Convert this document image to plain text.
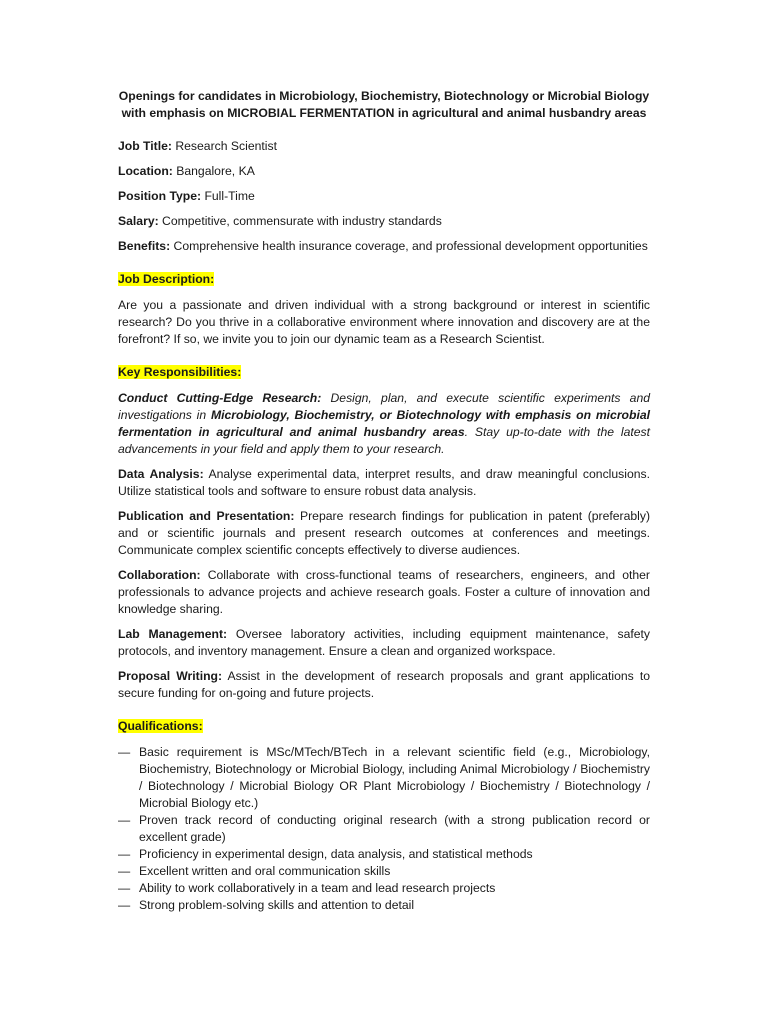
Openings for candidates in Microbiology, Biochemistry, Biotechnology or Microbial Biology
with emphasis on MICROBIAL FERMENTATION in agricultural and animal husbandry areas

Job Title: Research Scientist

Location: Bangalore, KA

Position Type: Full-Time

Salary: Competitive, commensurate with industry standards

Benefits: Comprehensive health insurance coverage, and professional development opportunities

Job Description:

Are you a passionate and driven individual with a strong background or interest in scientific research? Do you thrive in a collaborative environment where innovation and discovery are at the forefront? If so, we invite you to join our dynamic team as a Research Scientist.

Key Responsibilities:

Conduct Cutting-Edge Research: Design, plan, and execute scientific experiments and investigations in Microbiology, Biochemistry, or Biotechnology with emphasis on microbial fermentation in agricultural and animal husbandry areas. Stay up-to-date with the latest advancements in your field and apply them to your research.

Data Analysis: Analyse experimental data, interpret results, and draw meaningful conclusions. Utilize statistical tools and software to ensure robust data analysis.

Publication and Presentation: Prepare research findings for publication in patent (preferably) and or scientific journals and present research outcomes at conferences and meetings. Communicate complex scientific concepts effectively to diverse audiences.

Collaboration: Collaborate with cross-functional teams of researchers, engineers, and other professionals to advance projects and achieve research goals. Foster a culture of innovation and knowledge sharing.

Lab Management: Oversee laboratory activities, including equipment maintenance, safety protocols, and inventory management. Ensure a clean and organized workspace.

Proposal Writing: Assist in the development of research proposals and grant applications to secure funding for on-going and future projects.

Qualifications:

— Basic requirement is MSc/MTech/BTech in a relevant scientific field (e.g., Microbiology, Biochemistry, Biotechnology or Microbial Biology, including Animal Microbiology / Biochemistry / Biotechnology / Microbial Biology OR Plant Microbiology / Biochemistry / Biotechnology / Microbial Biology etc.)
— Proven track record of conducting original research (with a strong publication record or excellent grade)
— Proficiency in experimental design, data analysis, and statistical methods
— Excellent written and oral communication skills
— Ability to work collaboratively in a team and lead research projects
— Strong problem-solving skills and attention to detail
